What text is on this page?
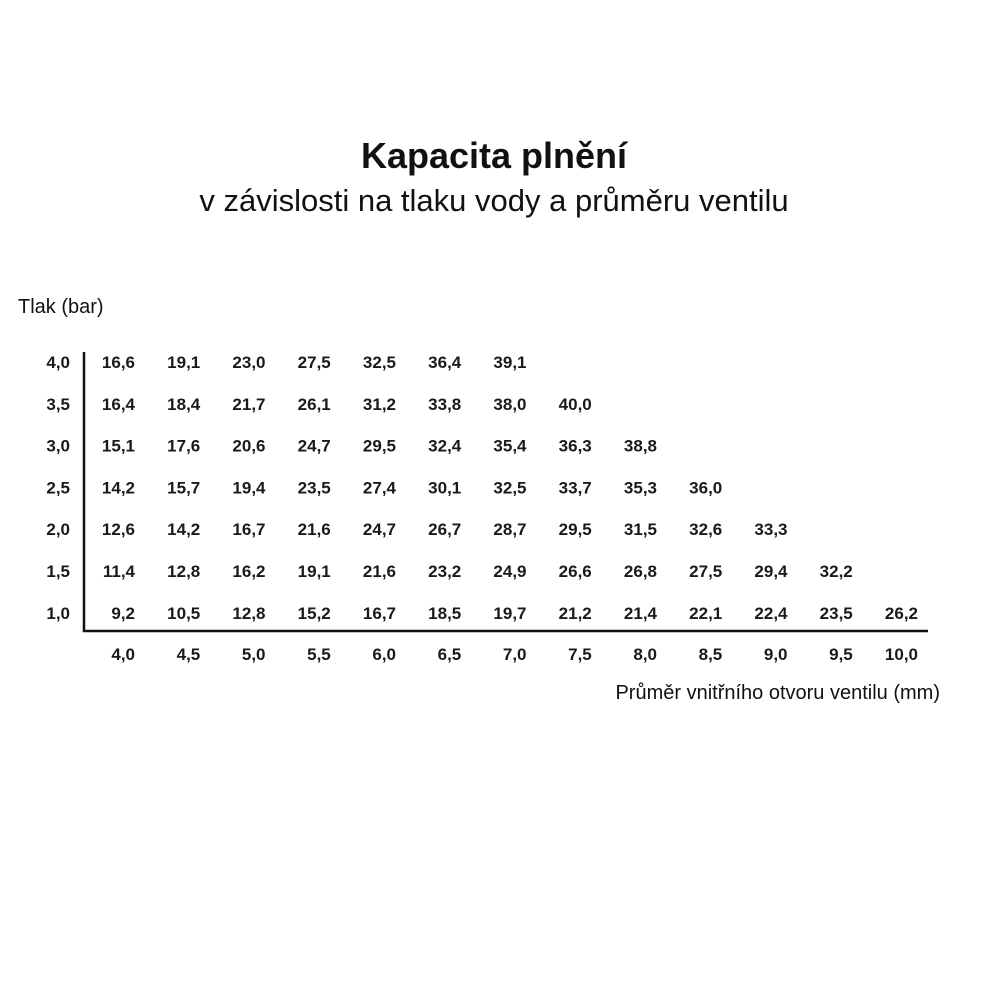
Kapacita plnění
v závislosti na tlaku vody a průměru ventilu
Tlak (bar)
Průměr vnitřního otvoru ventilu (mm)
4,0 16,6 19,1 23,0 27,5 32,5 36,4 39,1
3,5 16,4 18,4 21,7 26,1 31,2 33,8 38,0 40,0
3,0 15,1 17,6 20,6 24,7 29,5 32,4 35,4 36,3 38,8
2,5 14,2 15,7 19,4 23,5 27,4 30,1 32,5 33,7 35,3 36,0
2,0 12,6 14,2 16,7 21,6 24,7 26,7 28,7 29,5 31,5 32,6 33,3
1,5 11,4 12,8 16,2 19,1 21,6 23,2 24,9 26,6 26,8 27,5 29,4 32,2
1,0 9,2 10,5 12,8 15,2 16,7 18,5 19,7 21,2 21,4 22,1 22,4 23,5 26,2
4,0 4,5 5,0 5,5 6,0 6,5 7,0 7,5 8,0 8,5 9,0 9,5 10,0
